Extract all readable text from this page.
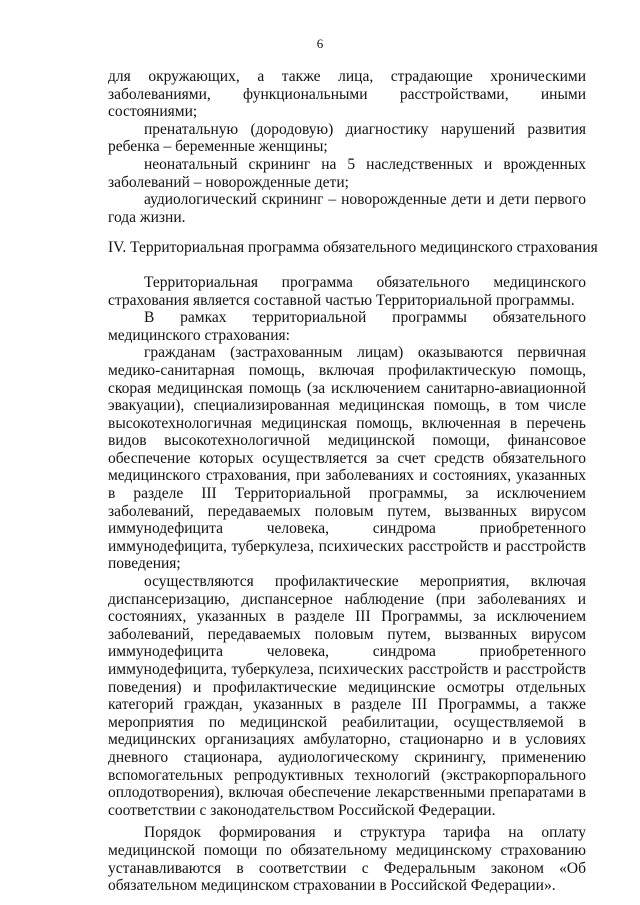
6

для окружающих, а также лица, страдающие хроническими заболеваниями, функциональными расстройствами, иными состояниями;

пренатальную (дородовую) диагностику нарушений развития ребенка – беременные женщины;

неонатальный скрининг на 5 наследственных и врожденных заболеваний – новорожденные дети;

аудиологический скрининг – новорожденные дети и дети первого года жизни.

IV. Территориальная программа обязательного медицинского страхования

Территориальная программа обязательного медицинского страхования является составной частью Территориальной программы.

В рамках территориальной программы обязательного медицинского страхования:

гражданам (застрахованным лицам) оказываются первичная медико-санитарная помощь, включая профилактическую помощь, скорая медицинская помощь (за исключением санитарно-авиационной эвакуации), специализированная медицинская помощь, в том числе высокотехнологичная медицинская помощь, включенная в перечень видов высокотехнологичной медицинской помощи, финансовое обеспечение которых осуществляется за счет средств обязательного медицинского страхования, при заболеваниях и состояниях, указанных в разделе III Территориальной программы, за исключением заболеваний, передаваемых половым путем, вызванных вирусом иммунодефицита человека, синдрома приобретенного иммунодефицита, туберкулеза, психических расстройств и расстройств поведения;

осуществляются профилактические мероприятия, включая диспансеризацию, диспансерное наблюдение (при заболеваниях и состояниях, указанных в разделе III Программы, за исключением заболеваний, передаваемых половым путем, вызванных вирусом иммунодефицита человека, синдрома приобретенного иммунодефицита, туберкулеза, психических расстройств и расстройств поведения) и профилактические медицинские осмотры отдельных категорий граждан, указанных в разделе III Программы, а также мероприятия по медицинской реабилитации, осуществляемой в медицинских организациях амбулаторно, стационарно и в условиях дневного стационара, аудиологическому скринингу, применению вспомогательных репродуктивных технологий (экстракорпорального оплодотворения), включая обеспечение лекарственными препаратами в соответствии с законодательством Российской Федерации.

Порядок формирования и структура тарифа на оплату медицинской помощи по обязательному медицинскому страхованию устанавливаются в соответствии с Федеральным законом «Об обязательном медицинском страховании в Российской Федерации».
